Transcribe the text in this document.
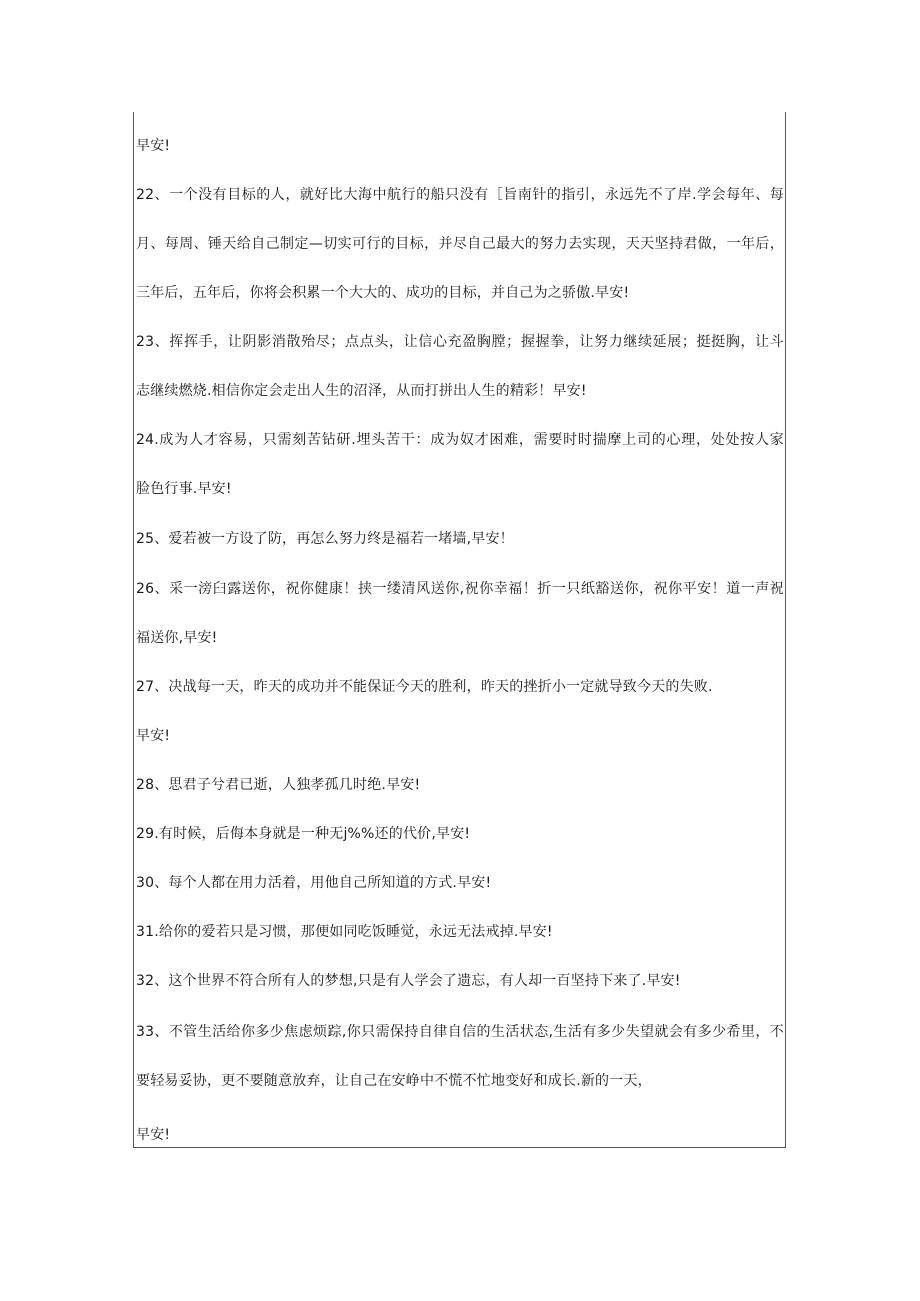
早安!
22、一个没有目标的人，就好比大海中航行的船只没有［旨南针的指引，永远先不了岸.学会每年、每
月、每周、锤天给自己制定—切实可行的目标，并尽自己最大的努力去实现，天天坚持君做，一年后，
三年后，五年后，你将会积累一个大大的、成功的目标，并自己为之骄傲.早安!
23、挥挥手，让阴影消散殆尽；点点头，让信心充盈胸膛；握握拳，让努力继续延展；挺挺胸，让斗
志继续燃烧.相信你定会走出人生的沼泽，从而打拼出人生的精彩！早安!
24.成为人才容易，只需刻苦钻研.埋头苦干：成为奴才困难，需要时时揣摩上司的心理，处处按人家
脸色行事.早安!
25、爱若被一方设了防，再怎么努力终是福若一堵墙,早安！
26、采一滂臼露送你，祝你健康！挟一缕清风送你,祝你幸福！折一只纸豁送你，祝你平安！道一声祝
福送你,早安!
27、决战每一天，昨天的成功并不能保证今天的胜利，昨天的挫折小一定就导致今天的失败.
早安!
28、思君子兮君已逝，人独孝孤几时绝.早安!
29.有时候，后侮本身就是一种无j%%还的代价,早安!
30、每个人都在用力活着，用他自己所知道的方式.早安!
31.给你的爱若只是习惯，那便如同吃饭睡觉，永远无法戒掉.早安!
32、这个世界不符合所有人的梦想,只是有人学会了遗忘，有人却一百坚持下来了.早安!
33、不管生活给你多少焦虑烦踪,你只需保持自律自信的生活状态,生活有多少失望就会有多少希里，不
要轻易妥协，更不要随意放弃，让自己在安峥中不慌不忙地变好和成长.新的一天，
早安!
